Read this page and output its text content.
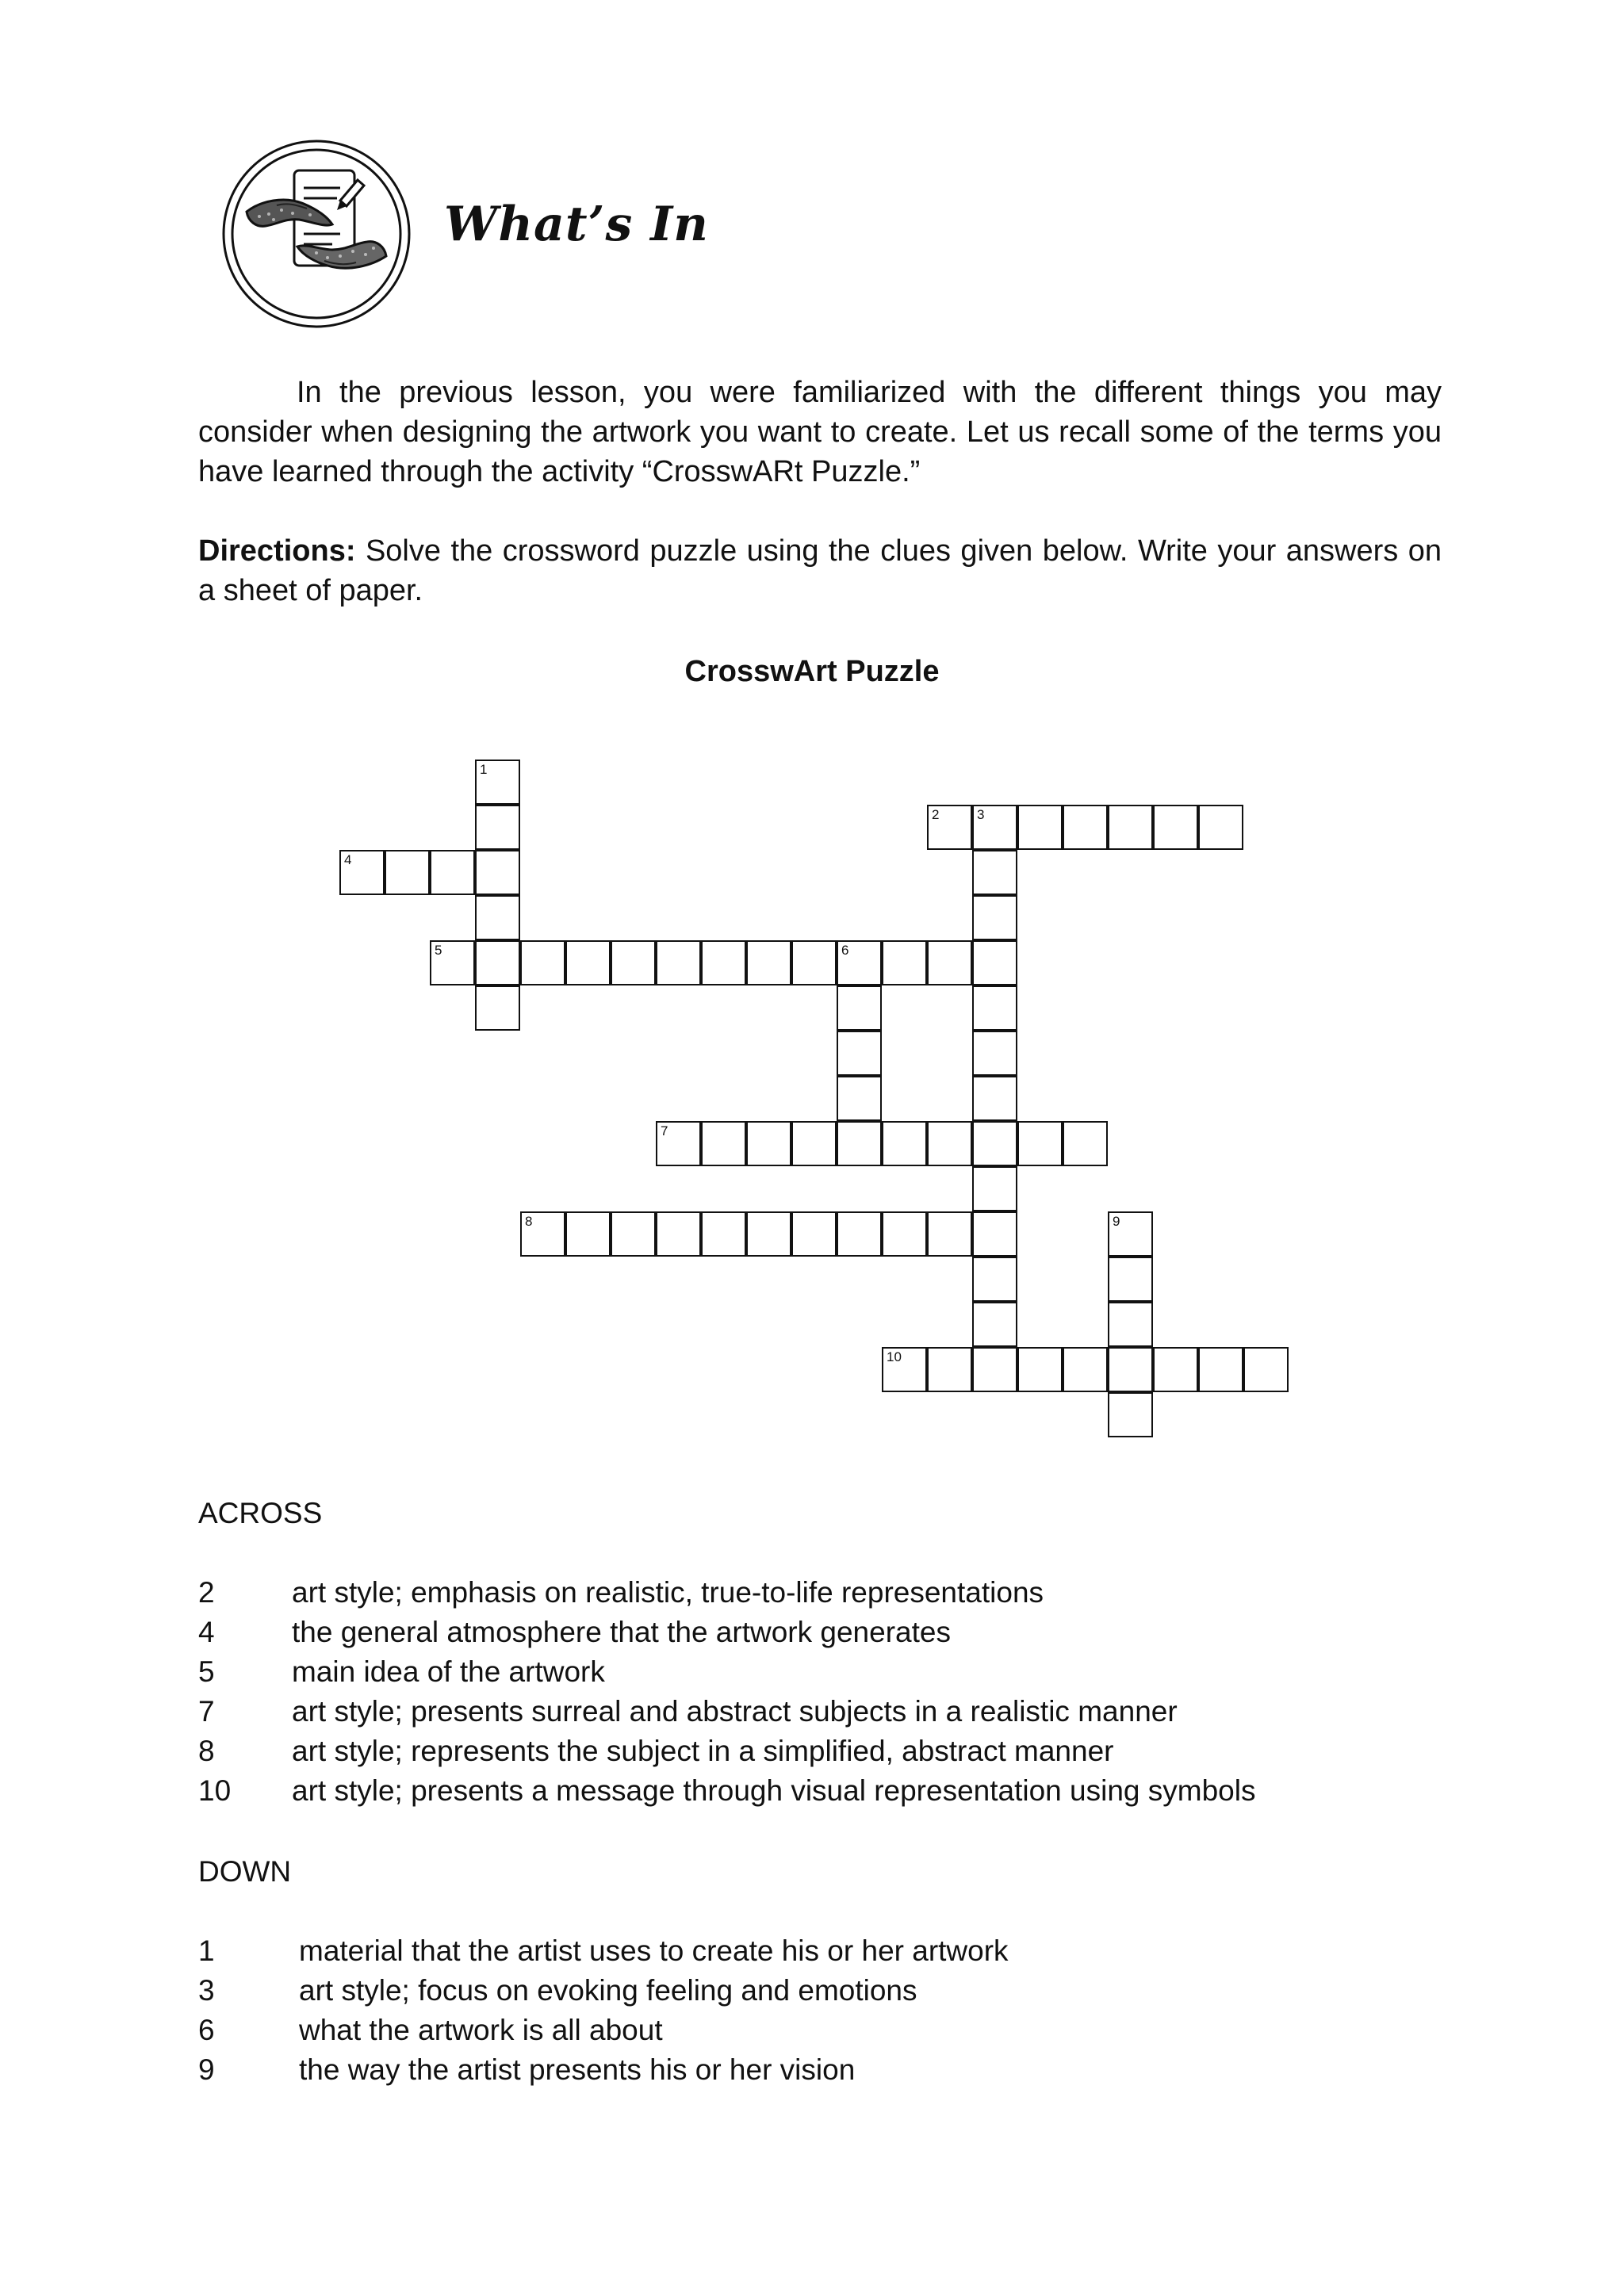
What’s In

In the previous lesson, you were familiarized with the different things you may consider when designing the artwork you want to create. Let us recall some of the terms you have learned through the activity “CrosswARt Puzzle.”

Directions: Solve the crossword puzzle using the clues given below. Write your answers on a sheet of paper.

CrosswArt Puzzle
1
4
5	6
2	3
7
8	9
10
ACROSS
2	art style; emphasis on realistic, true-to-life representations
4	the general atmosphere that the artwork generates
5	main idea of the artwork
7	art style; presents surreal and abstract subjects in a realistic manner
8	art style; represents the subject in a simplified, abstract manner
10 art style; presents a message through visual representation using symbols
DOWN
1	material that the artist uses to create his or her artwork
3	art style; focus on evoking feeling and emotions
6	what the artwork is all about
9	the way the artist presents his or her vision
